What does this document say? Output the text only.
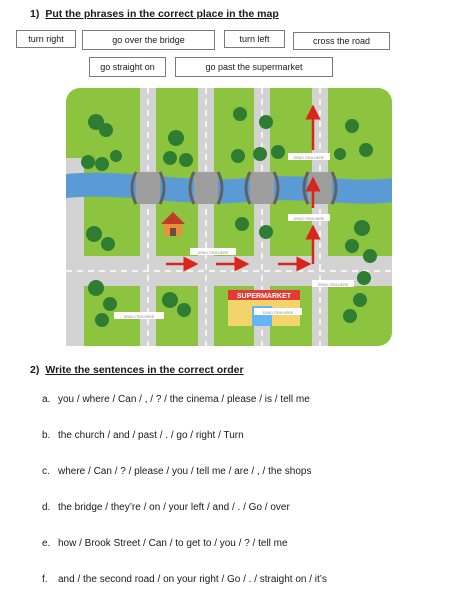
1) Put the phrases in the correct place in the map
turn right	go over the bridge	turn left	cross the road
go straight on	go past the supermarket
SUPERMARKET
DRAG ITEM HERE
DRAG ITEM HERE
DRAG ITEM HERE
DRAG ITEM HERE
DRAG ITEM HERE
DRAG ITEM HERE
2) Write the sentences in the correct order
a. you / where / Can / , / ? / the cinema / please / is / tell me
b. the church / and / past / . / go / right / Turn
c. where / Can / ? / please / you / tell me / are / , / the shops
d. the bridge / they’re / on / your left / and / . / Go / over
e. how / Brook Street / Can / to get to / you / ? / tell me
f. and / the second road / on your right / Go / . / straight on / it’s
